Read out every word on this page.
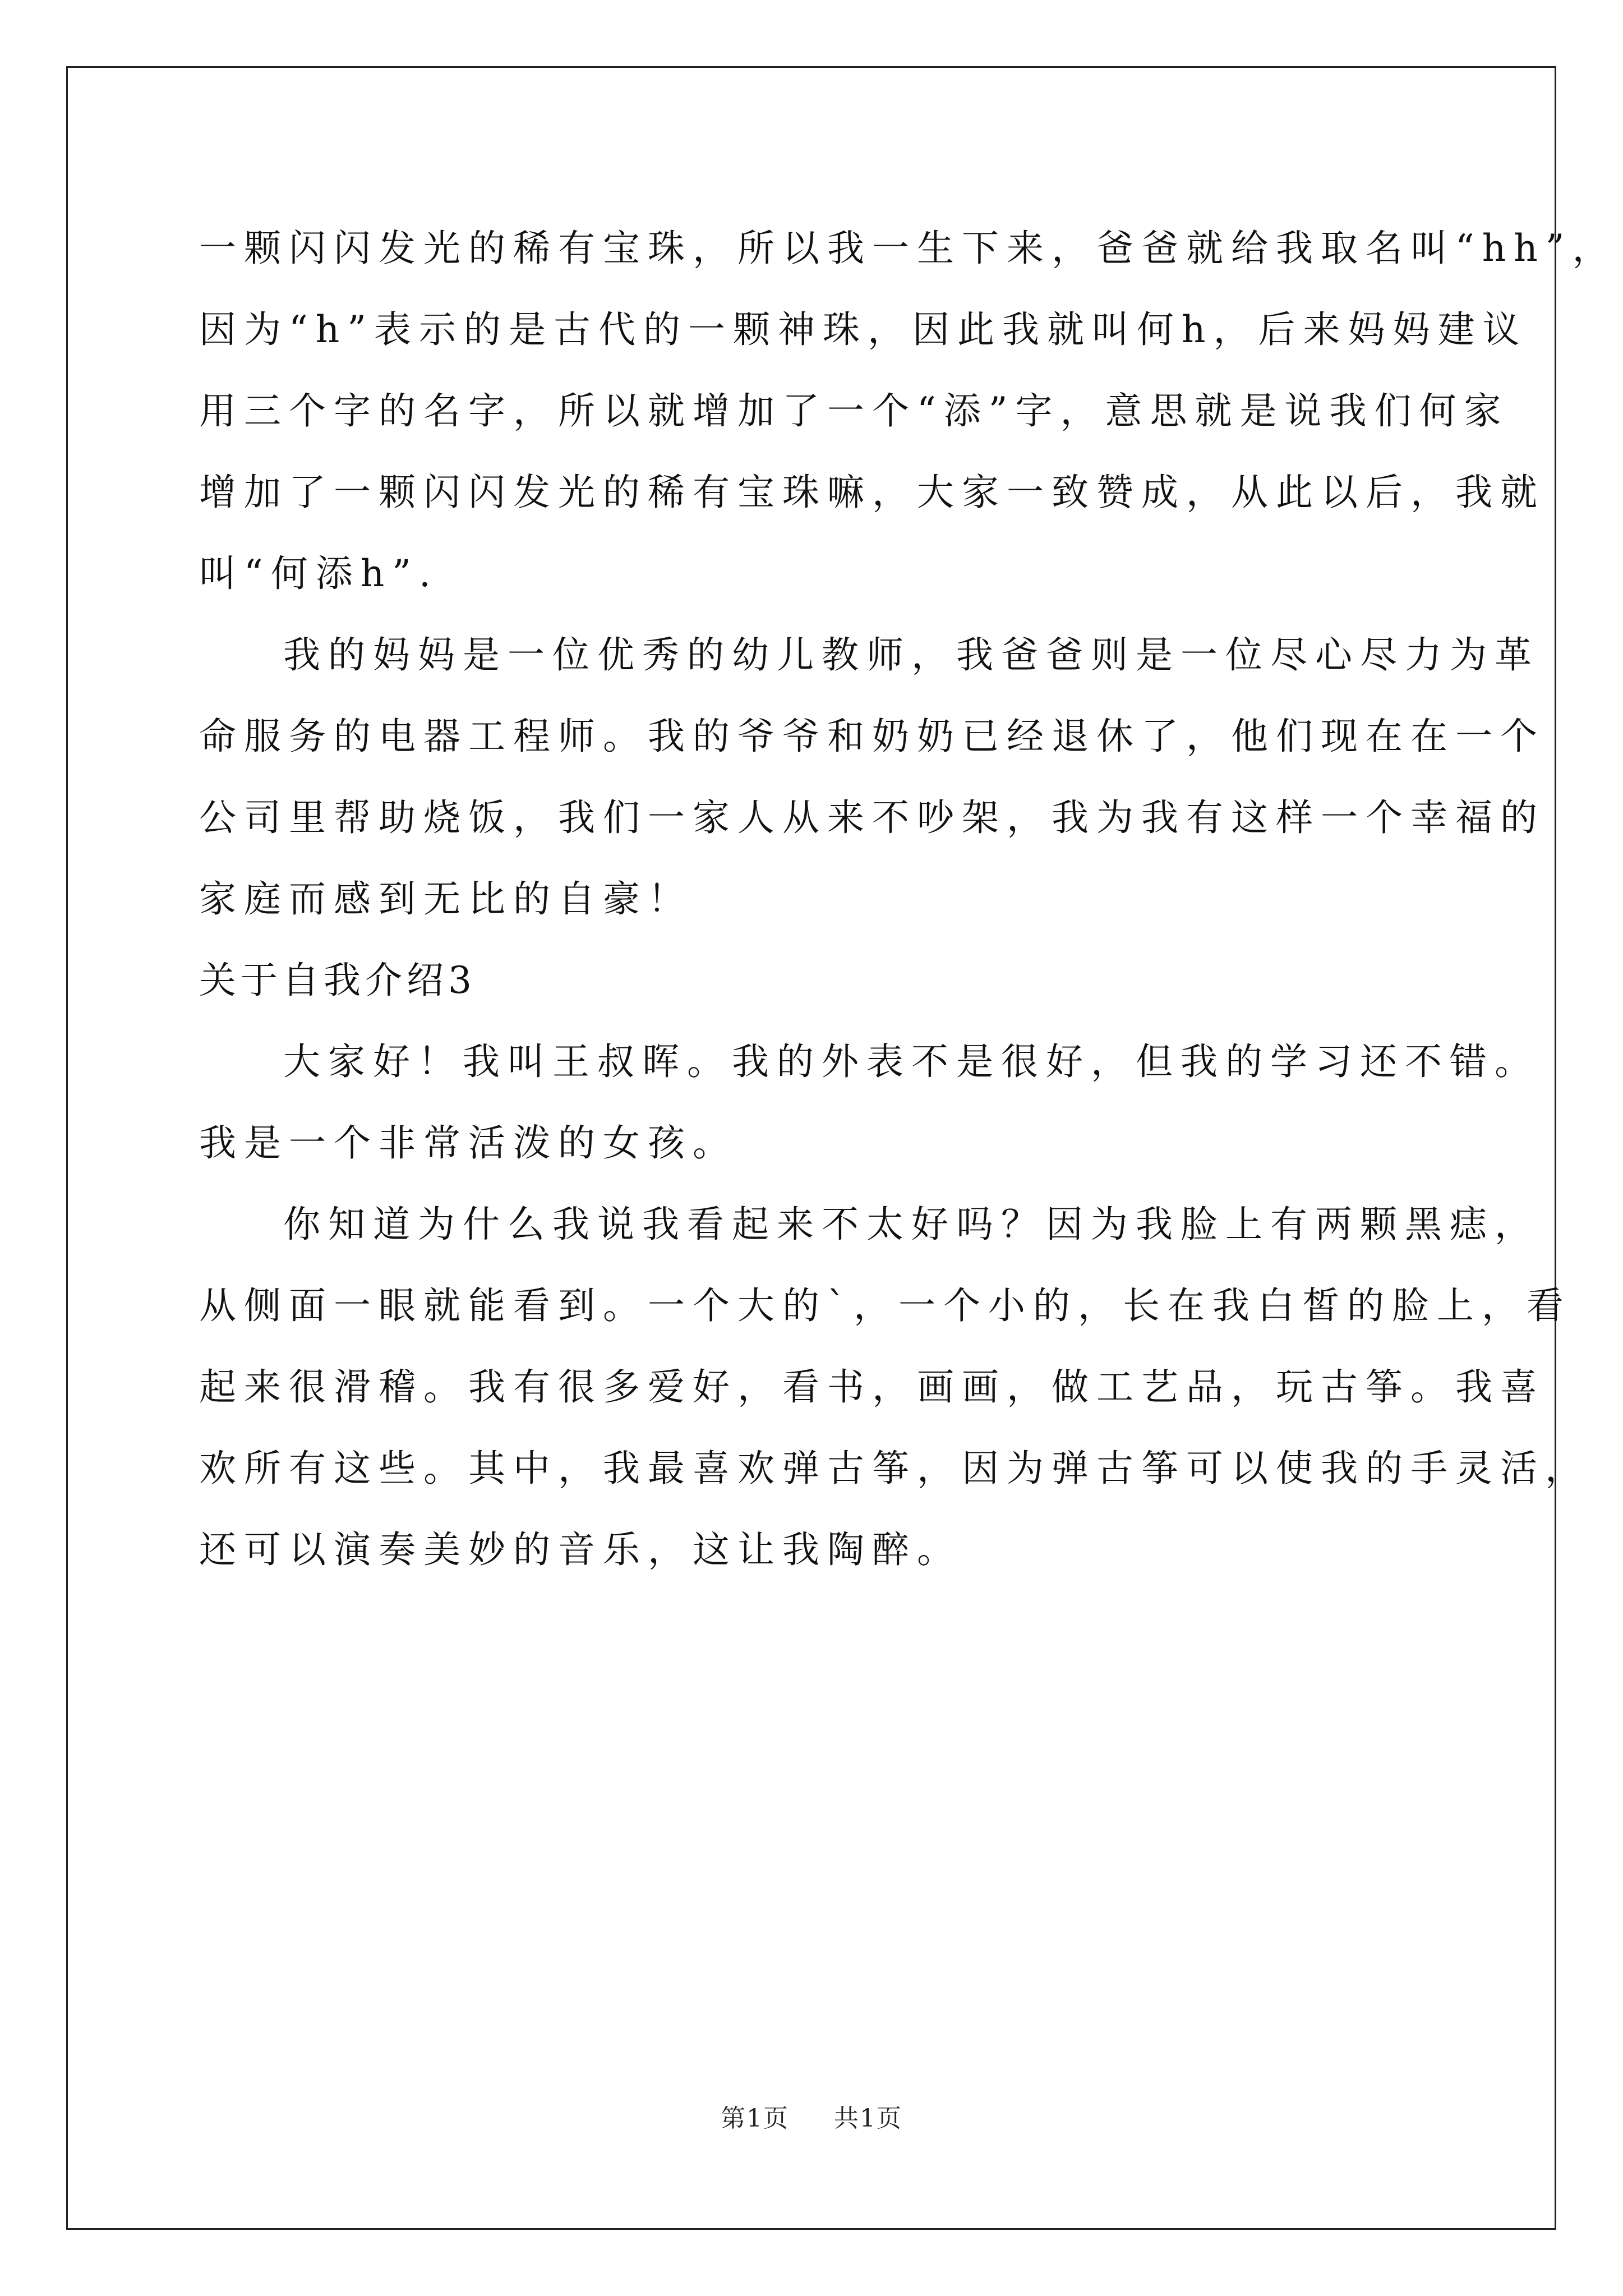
一颗闪闪发光的稀有宝珠，所以我一生下来，爸爸就给我取名叫“hh”，
因为“h”表示的是古代的一颗神珠，因此我就叫何h，后来妈妈建议
用三个字的名字，所以就增加了一个“添”字，意思就是说我们何家
增加了一颗闪闪发光的稀有宝珠嘛，大家一致赞成，从此以后，我就
叫“何添h”.
我的妈妈是一位优秀的幼儿教师，我爸爸则是一位尽心尽力为革
命服务的电器工程师。我的爷爷和奶奶已经退休了，他们现在在一个
公司里帮助烧饭，我们一家人从来不吵架，我为我有这样一个幸福的
家庭而感到无比的自豪！
关于自我介绍3
大家好！我叫王叔晖。我的外表不是很好，但我的学习还不错。
我是一个非常活泼的女孩。
你知道为什么我说我看起来不太好吗？因为我脸上有两颗黑痣，
从侧面一眼就能看到。一个大的`，一个小的，长在我白皙的脸上，看
起来很滑稽。我有很多爱好，看书，画画，做工艺品，玩古筝。我喜
欢所有这些。其中，我最喜欢弹古筝，因为弹古筝可以使我的手灵活，
还可以演奏美妙的音乐，这让我陶醉。
第1页 共1页
